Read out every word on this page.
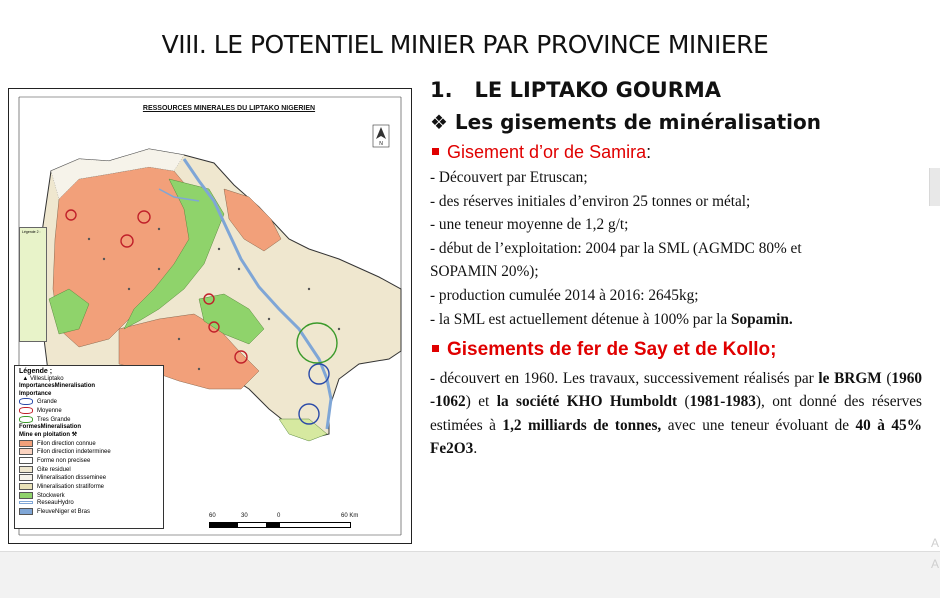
VIII. LE POTENTIEL MINIER PAR PROVINCE MINIERE
N
RESSOURCES MINERALES DU LIPTAKO NIGERIEN
Légende 2 :
Légende ;
▲ VillesLiptako
ImportancesMineralisation
Importance
Grande
Moyenne
Tres Grande
FormesMineralisation
Mine en ploitation ⚒
Filon direction connue
Filon direction indeterminee
Forme non precisee
Gite residuel
Mineralisation disseminee
Mineralisation stratiforme
Stockwerk
ReseauHydro
FleuveNiger et Bras
60	30	0	60 Km
1. LE LIPTAKO GOURMA
❖ Les gisements de minéralisation
Gisement d’or de Samira:
- Découvert par Etruscan;
- des réserves initiales d’environ 25 tonnes or métal;
- une teneur moyenne de 1,2 g/t;
- début de l’exploitation: 2004 par la SML (AGMDC 80% et
SOPAMIN 20%);
- production cumulée 2014 à 2016: 2645kg;
- la SML est actuellement détenue à 100% par la Sopamin.
Gisements de fer de Say et de Kollo;
- découvert en 1960. Les travaux, successivement réalisés par le BRGM (1960 -1062) et la société KHO Humboldt (1981-1983), ont donné des réserves estimées à 1,2 milliards de tonnes, avec une teneur évoluant de 40 à 45% Fe2O3.
A
A
